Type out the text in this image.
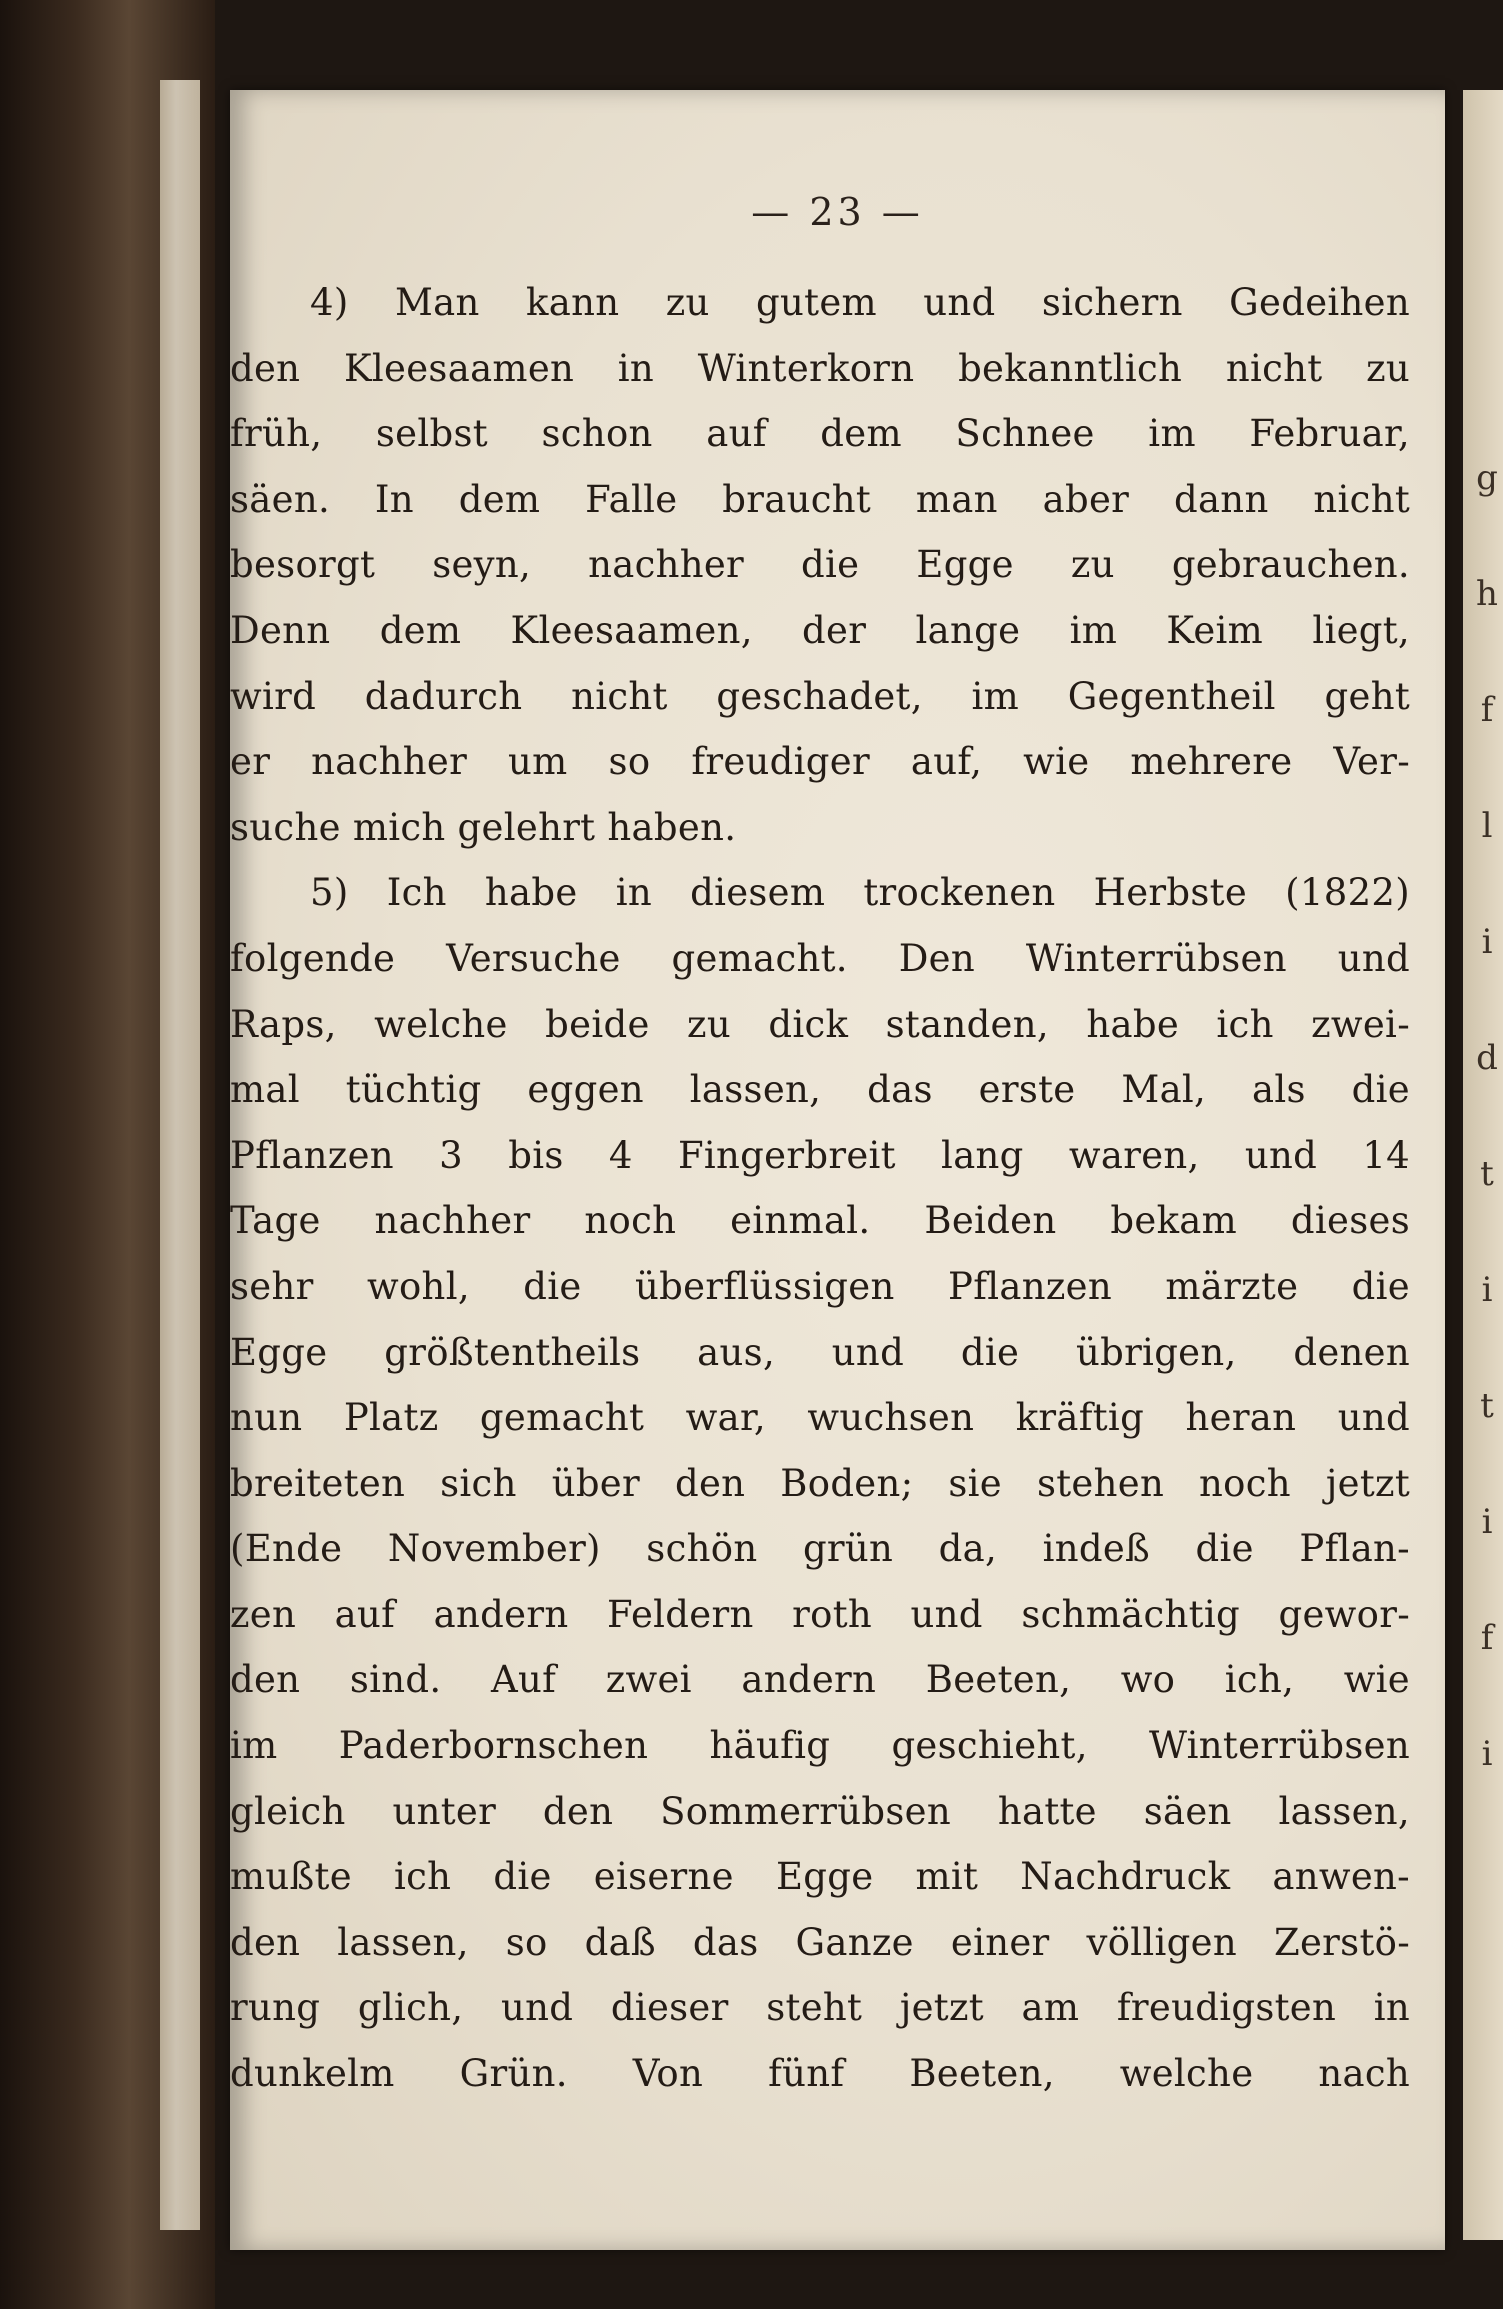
g
h
f
l
i
d
t
i
t
i
f
i
— 23 —
4) Man kann zu gutem und sichern Gedeihen
den Kleesaamen in Winterkorn bekanntlich nicht zu
früh, selbst schon auf dem Schnee im Februar,
säen. In dem Falle braucht man aber dann nicht
besorgt seyn, nachher die Egge zu gebrauchen.
Denn dem Kleesaamen, der lange im Keim liegt,
wird dadurch nicht geschadet, im Gegentheil geht
er nachher um so freudiger auf, wie mehrere Ver-
suche mich gelehrt haben.
5) Ich habe in diesem trockenen Herbste (1822)
folgende Versuche gemacht. Den Winterrübsen und
Raps, welche beide zu dick standen, habe ich zwei-
mal tüchtig eggen lassen, das erste Mal, als die
Pflanzen 3 bis 4 Fingerbreit lang waren, und 14
Tage nachher noch einmal. Beiden bekam dieses
sehr wohl, die überflüssigen Pflanzen märzte die
Egge größtentheils aus, und die übrigen, denen
nun Platz gemacht war, wuchsen kräftig heran und
breiteten sich über den Boden; sie stehen noch jetzt
(Ende November) schön grün da, indeß die Pflan-
zen auf andern Feldern roth und schmächtig gewor-
den sind. Auf zwei andern Beeten, wo ich, wie
im Paderbornschen häufig geschieht, Winterrübsen
gleich unter den Sommerrübsen hatte säen lassen,
mußte ich die eiserne Egge mit Nachdruck anwen-
den lassen, so daß das Ganze einer völligen Zerstö-
rung glich, und dieser steht jetzt am freudigsten in
dunkelm Grün. Von fünf Beeten, welche nach
